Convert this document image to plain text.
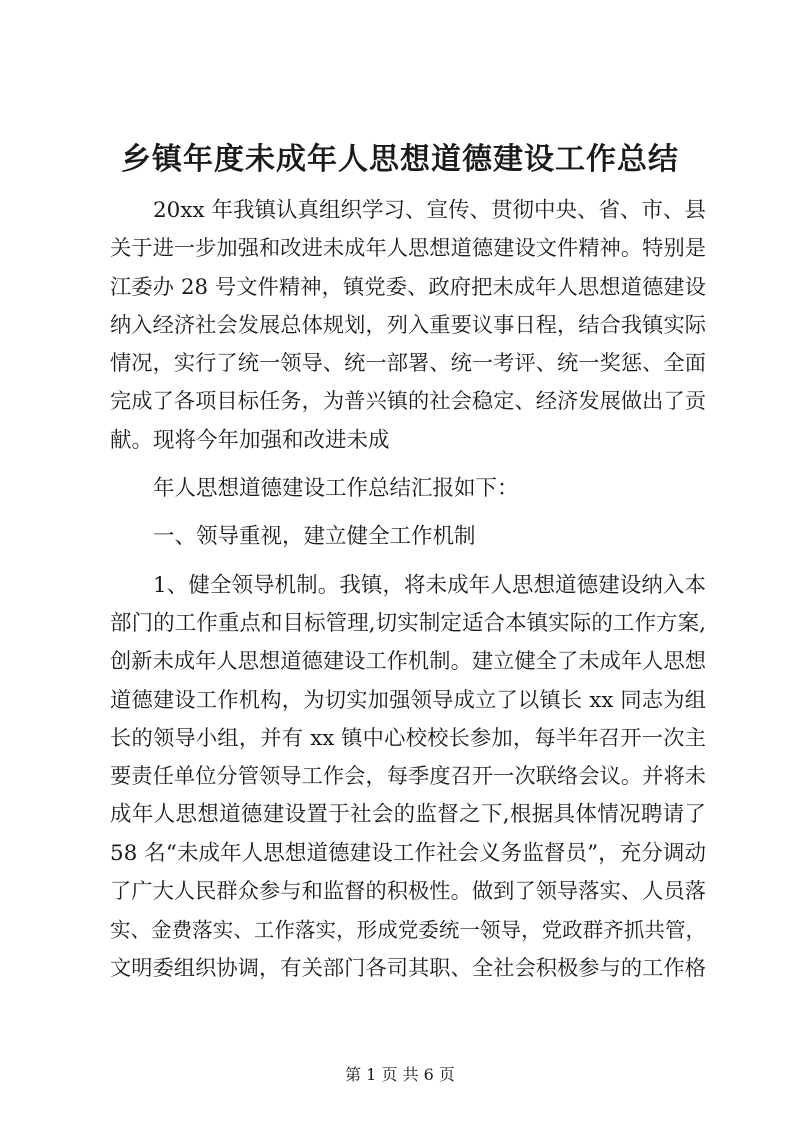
乡镇年度未成年人思想道德建设工作总结
20xx 年我镇认真组织学习、宣传、贯彻中央、省、市、县
关于进一步加强和改进未成年人思想道德建设文件精神。特别是
江委办 28 号文件精神，镇党委、政府把未成年人思想道德建设
纳入经济社会发展总体规划，列入重要议事日程，结合我镇实际
情况，实行了统一领导、统一部署、统一考评、统一奖惩、全面
完成了各项目标任务，为普兴镇的社会稳定、经济发展做出了贡
献。现将今年加强和改进未成
年人思想道德建设工作总结汇报如下：
一、领导重视，建立健全工作机制
1、健全领导机制。我镇，将未成年人思想道德建设纳入本
部门的工作重点和目标管理,切实制定适合本镇实际的工作方案,
创新未成年人思想道德建设工作机制。建立健全了未成年人思想
道德建设工作机构，为切实加强领导成立了以镇长 xx 同志为组
长的领导小组，并有 xx 镇中心校校长参加，每半年召开一次主
要责任单位分管领导工作会，每季度召开一次联络会议。并将未
成年人思想道德建设置于社会的监督之下,根据具体情况聘请了
58 名“未成年人思想道德建设工作社会义务监督员”，充分调动
了广大人民群众参与和监督的积极性。做到了领导落实、人员落
实、金费落实、工作落实，形成党委统一领导，党政群齐抓共管，
文明委组织协调，有关部门各司其职、全社会积极参与的工作格
第 1 页 共 6 页
